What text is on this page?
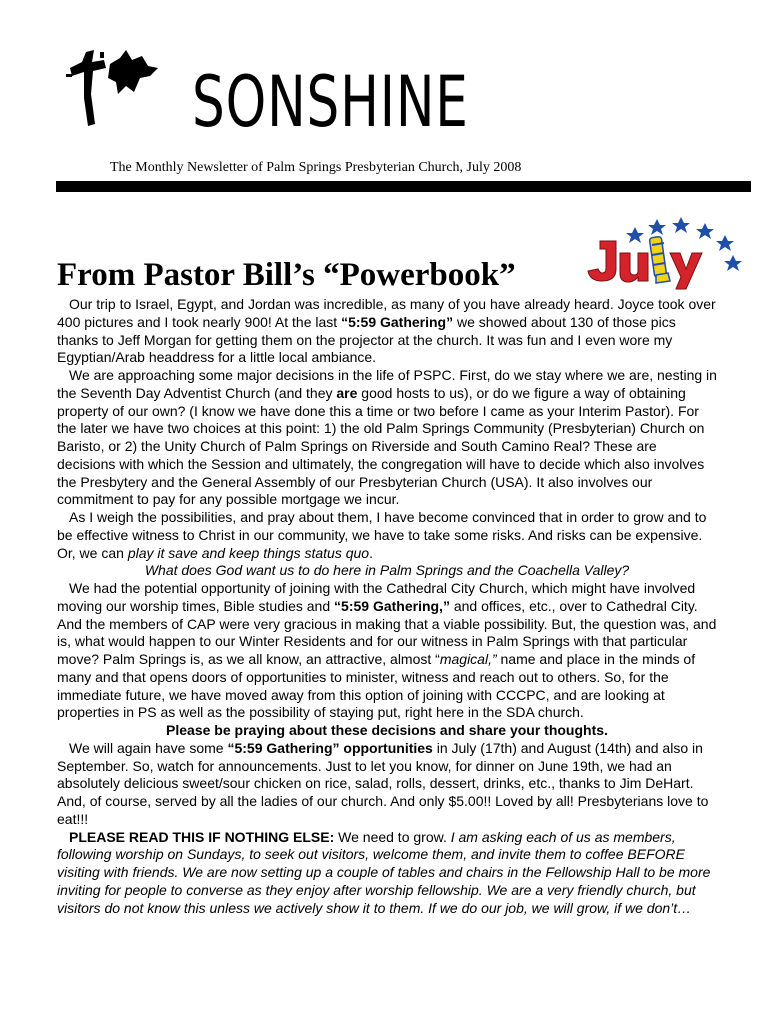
SONSHINE
The Monthly Newsletter of Palm Springs Presbyterian Church, July 2008
From Pastor Bill’s “Powerbook”

Our trip to Israel, Egypt, and Jordan was incredible, as many of you have already heard. Joyce took over 400 pictures and I took nearly 900! At the last “5:59 Gathering” we showed about 130 of those pics thanks to Jeff Morgan for getting them on the projector at the church. It was fun and I even wore my Egyptian/Arab headdress for a little local ambiance.

We are approaching some major decisions in the life of PSPC. First, do we stay where we are, nesting in the Seventh Day Adventist Church (and they are good hosts to us), or do we figure a way of obtaining property of our own? (I know we have done this a time or two before I came as your Interim Pastor). For the later we have two choices at this point: 1) the old Palm Springs Community (Presbyterian) Church on Baristo, or 2) the Unity Church of Palm Springs on Riverside and South Camino Real? These are decisions with which the Session and ultimately, the congregation will have to decide which also involves the Presbytery and the General Assembly of our Presbyterian Church (USA). It also involves our commitment to pay for any possible mortgage we incur.

As I weigh the possibilities, and pray about them, I have become convinced that in order to grow and to be effective witness to Christ in our community, we have to take some risks. And risks can be expensive. Or, we can play it save and keep things status quo.

What does God want us to do here in Palm Springs and the Coachella Valley?

We had the potential opportunity of joining with the Cathedral City Church, which might have involved moving our worship times, Bible studies and “5:59 Gathering,” and offices, etc., over to Cathedral City. And the members of CAP were very gracious in making that a viable possibility. But, the question was, and is, what would happen to our Winter Residents and for our witness in Palm Springs with that particular move? Palm Springs is, as we all know, an attractive, almost “magical,” name and place in the minds of many and that opens doors of opportunities to minister, witness and reach out to others. So, for the immediate future, we have moved away from this option of joining with CCCPC, and are looking at properties in PS as well as the possibility of staying put, right here in the SDA church.

Please be praying about these decisions and share your thoughts.

We will again have some “5:59 Gathering” opportunities in July (17th) and August (14th) and also in September. So, watch for announcements. Just to let you know, for dinner on June 19th, we had an absolutely delicious sweet/sour chicken on rice, salad, rolls, dessert, drinks, etc., thanks to Jim DeHart. And, of course, served by all the ladies of our church. And only $5.00!! Loved by all! Presbyterians love to eat!!!

PLEASE READ THIS IF NOTHING ELSE: We need to grow. I am asking each of us as members, following worship on Sundays, to seek out visitors, welcome them, and invite them to coffee BEFORE visiting with friends. We are now setting up a couple of tables and chairs in the Fellowship Hall to be more inviting for people to converse as they enjoy after worship fellowship. We are a very friendly church, but visitors do not know this unless we actively show it to them. If we do our job, we will grow, if we don’t…
